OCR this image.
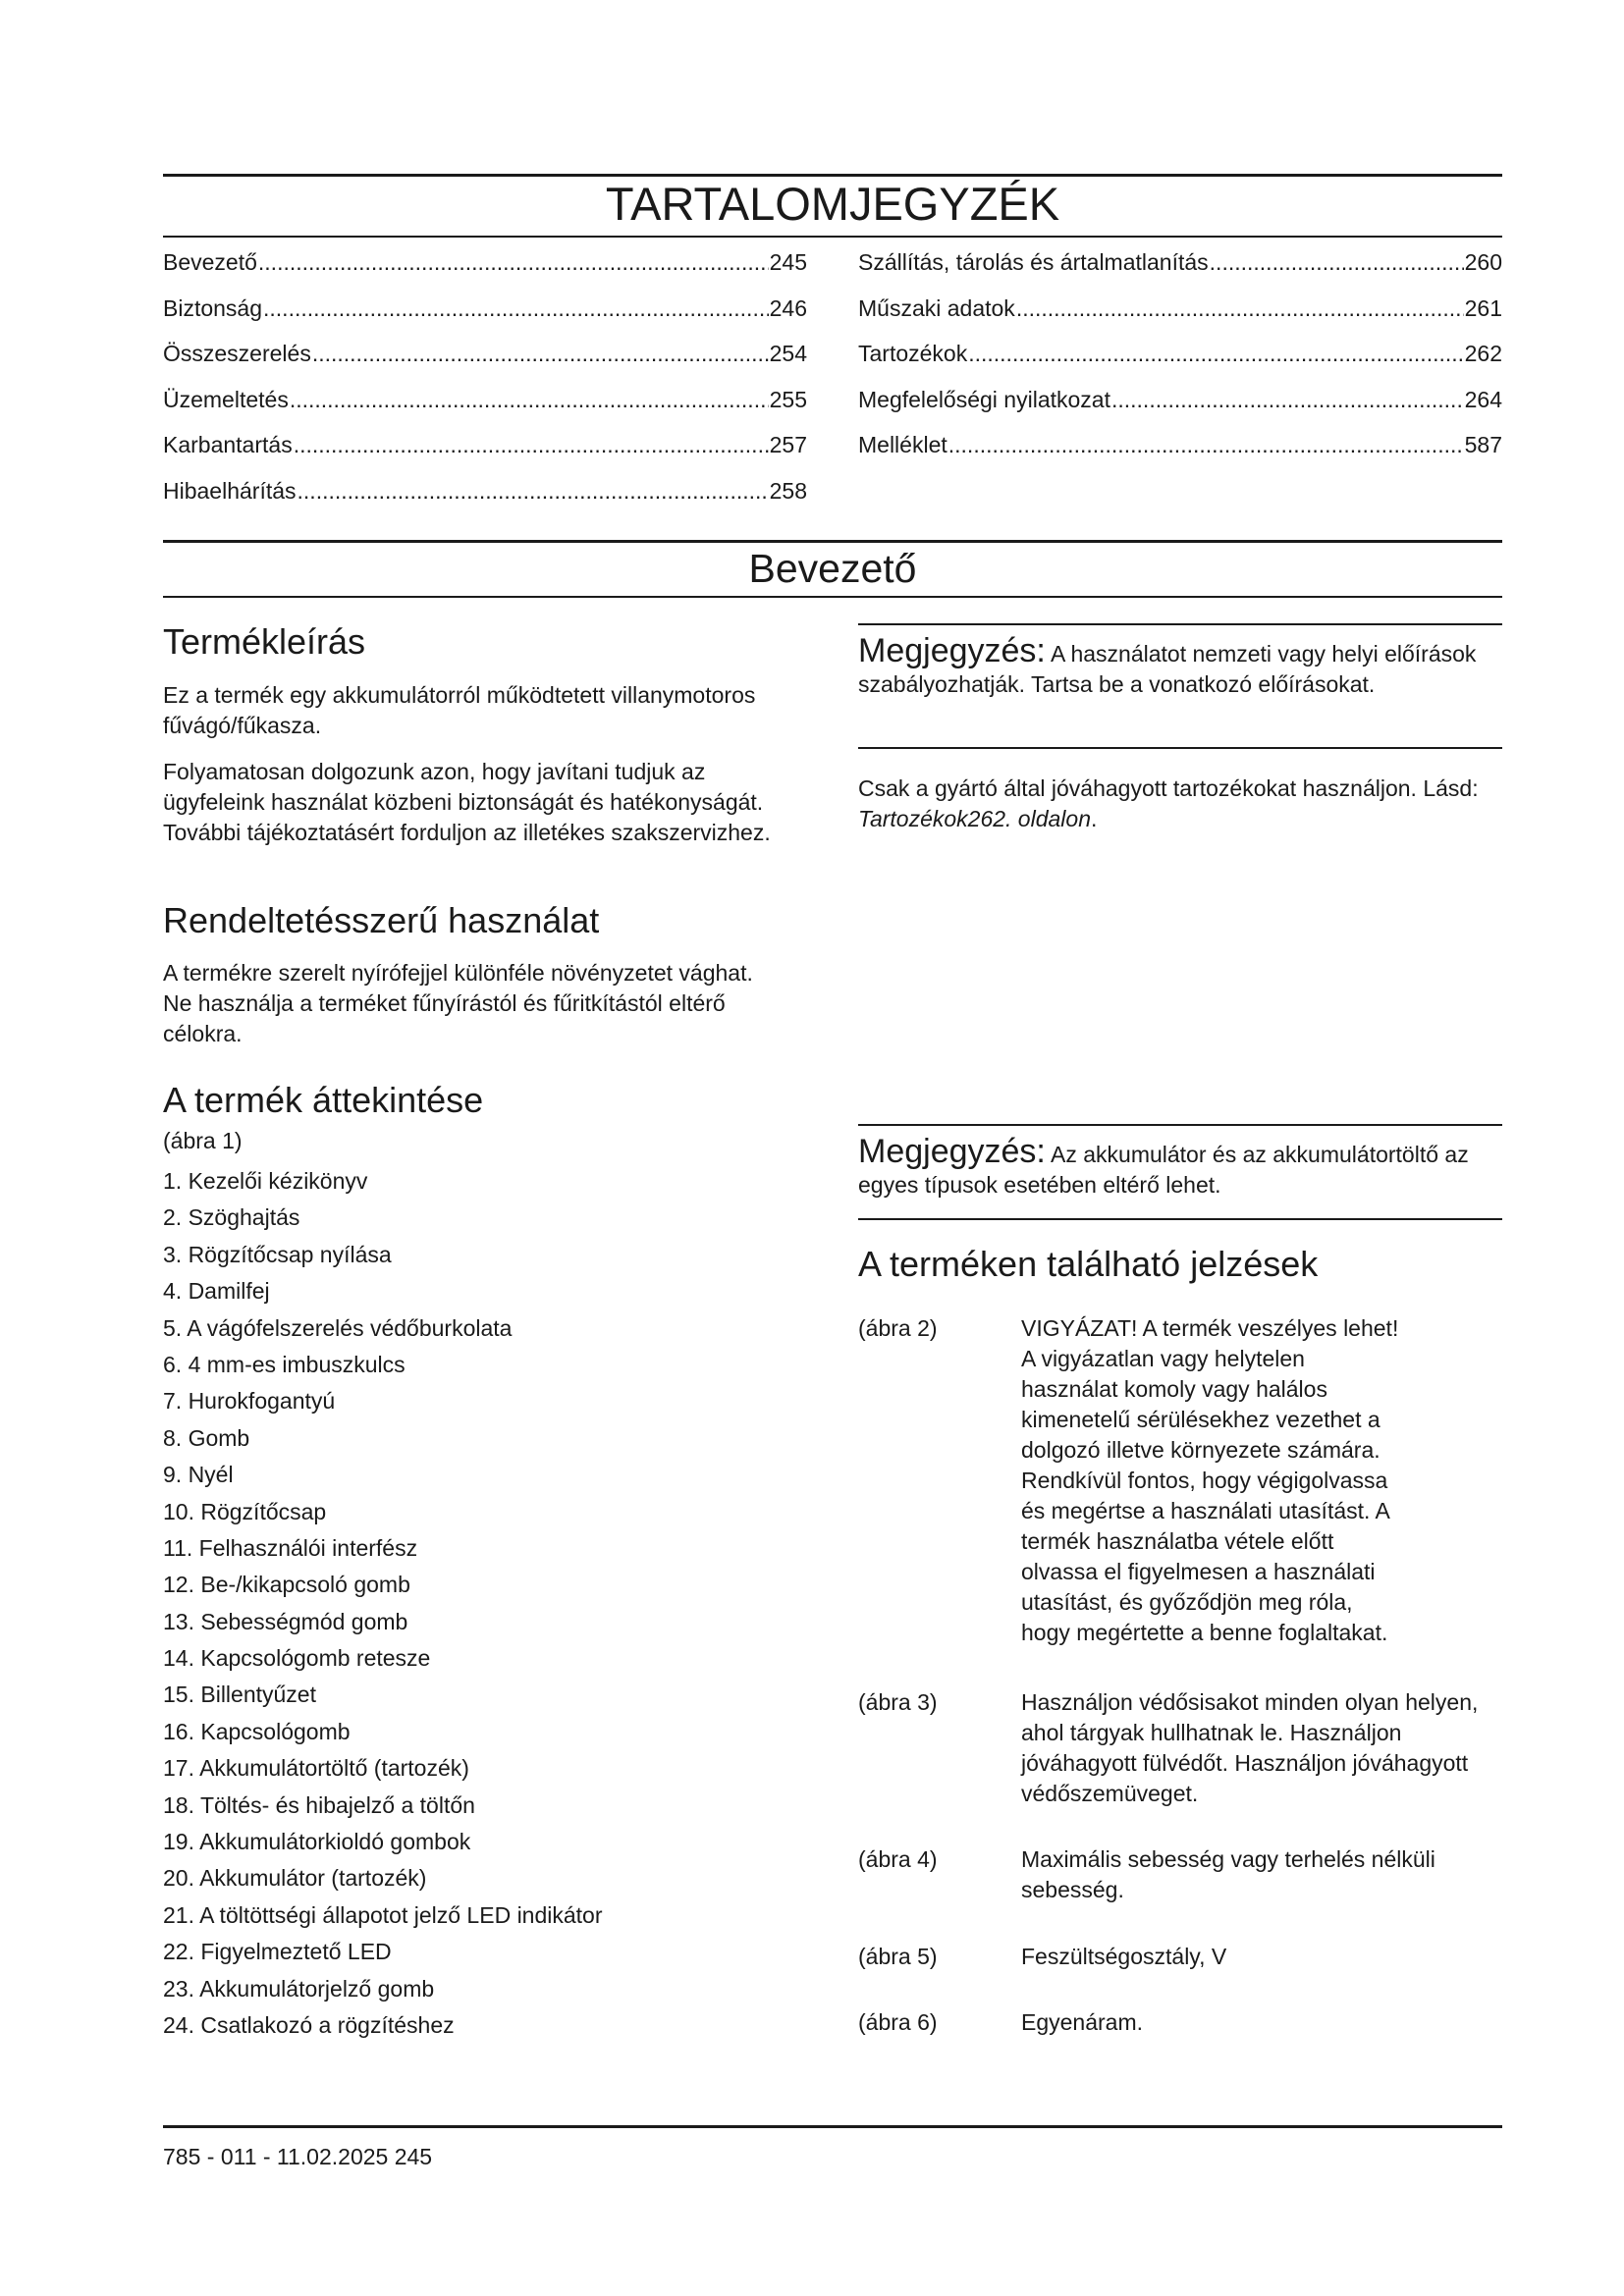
TARTALOMJEGYZÉK
Bevezető .....	245
Biztonság .....	246
Összeszerelés .....	254
Üzemeltetés .....	255
Karbantartás .....	257
Hibaelhárítás .....	258
Szállítás, tárolás és ártalmatlanítás .....	260
Műszaki adatok .....	261
Tartozékok .....	262
Megfelelőségi nyilatkozat .....	264
Melléklet .....	587
Bevezető
Termékleírás

Ez a termék egy akkumulátorról működtetett villanymotoros fűvágó/fűkasza.

Folyamatosan dolgozunk azon, hogy javítani tudjuk az ügyfeleink használat közbeni biztonságát és hatékonyságát. További tájékoztatásért forduljon az illetékes szakszervizhez.

Rendeltetésszerű használat

A termékre szerelt nyírófejjel különféle növényzetet vághat. Ne használja a terméket fűnyírástól és fűritkítástól eltérő célokra.

A termék áttekintése

(ábra 1)

1. Kezelői kézikönyv
2. Szöghajtás
3. Rögzítőcsap nyílása
4. Damilfej
5. A vágófelszerelés védőburkolata
6. 4 mm-es imbuszkulcs
7. Hurokfogantyú
8. Gomb
9. Nyél
10. Rögzítőcsap
11. Felhasználói interfész
12. Be-/kikapcsoló gomb
13. Sebességmód gomb
14. Kapcsológomb retesze
15. Billentyűzet
16. Kapcsológomb
17. Akkumulátortöltő (tartozék)
18. Töltés- és hibajelző a töltőn
19. Akkumulátorkioldó gombok
20. Akkumulátor (tartozék)
21. A töltöttségi állapotot jelző LED indikátor
22. Figyelmeztető LED
23. Akkumulátorjelző gomb
24. Csatlakozó a rögzítéshez

Megjegyzés: A használatot nemzeti vagy helyi előírások szabályozhatják. Tartsa be a vonatkozó előírásokat.

Csak a gyártó által jóváhagyott tartozékokat használjon. Lásd: Tartozékok262. oldalon.

Megjegyzés: Az akkumulátor és az akkumulátortöltő az egyes típusok esetében eltérő lehet.

A terméken található jelzések
(ábra 2)	VIGYÁZAT! A termék veszélyes lehet! A vigyázatlan vagy helytelen használat komoly vagy halálos kimenetelű sérülésekhez vezethet a dolgozó illetve környezete számára. Rendkívül fontos, hogy végigolvassa és megértse a használati utasítást. A termék használatba vétele előtt olvassa el figyelmesen a használati utasítást, és győződjön meg róla, hogy megértette a benne foglaltakat.
(ábra 3)	Használjon védősisakot minden olyan helyen, ahol tárgyak hullhatnak le. Használjon jóváhagyott fülvédőt. Használjon jóváhagyott védőszemüveget.
(ábra 4)	Maximális sebesség vagy terhelés nélküli sebesség.
(ábra 5)	Feszültségosztály, V
(ábra 6)	Egyenáram.
785 - 011 - 11.02.2025 245
